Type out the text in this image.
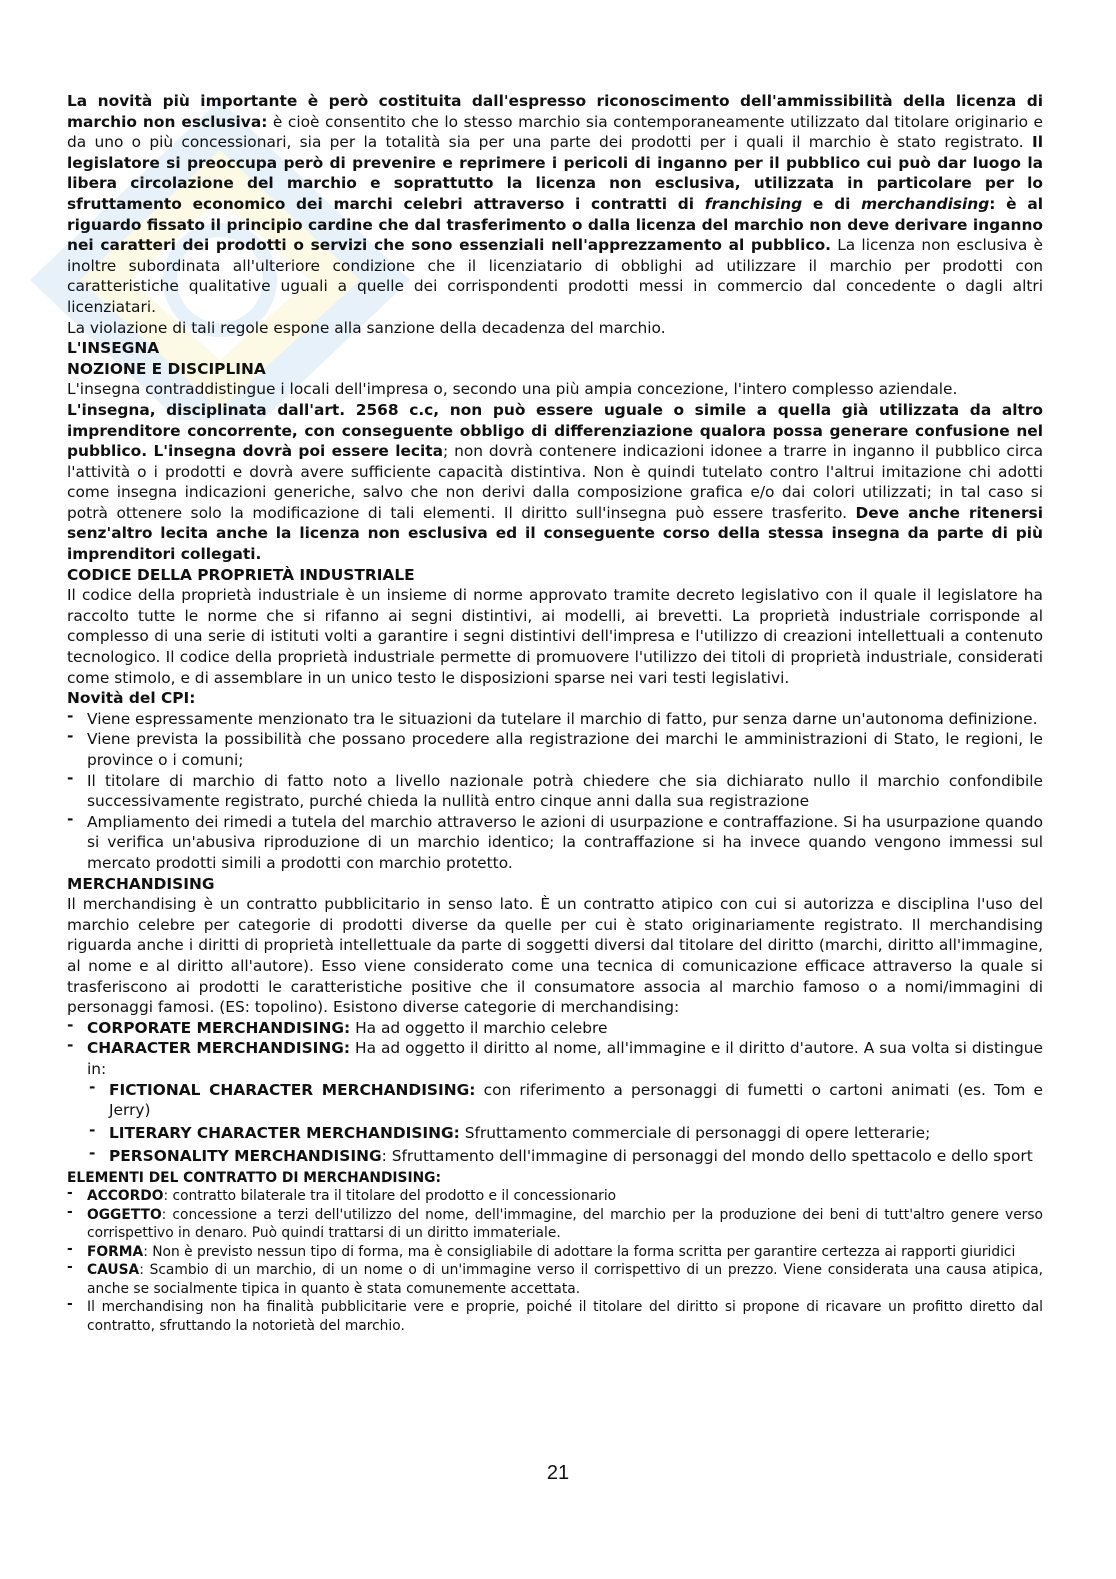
La novità più importante è però costituita dall'espresso riconoscimento dell'ammissibilità della licenza di marchio non esclusiva: è cioè consentito che lo stesso marchio sia contemporaneamente utilizzato dal titolare originario e da uno o più concessionari, sia per la totalità sia per una parte dei prodotti per i quali il marchio è stato registrato. Il legislatore si preoccupa però di prevenire e reprimere i pericoli di inganno per il pubblico cui può dar luogo la libera circolazione del marchio e soprattutto la licenza non esclusiva, utilizzata in particolare per lo sfruttamento economico dei marchi celebri attraverso i contratti di franchising e di merchandising: è al riguardo fissato il principio cardine che dal trasferimento o dalla licenza del marchio non deve derivare inganno nei caratteri dei prodotti o servizi che sono essenziali nell'apprezzamento al pubblico. La licenza non esclusiva è inoltre subordinata all'ulteriore condizione che il licenziatario di obblighi ad utilizzare il marchio per prodotti con caratteristiche qualitative uguali a quelle dei corrispondenti prodotti messi in commercio dal concedente o dagli altri licenziatari.

La violazione di tali regole espone alla sanzione della decadenza del marchio.

L'INSEGNA

NOZIONE E DISCIPLINA

L'insegna contraddistingue i locali dell'impresa o, secondo una più ampia concezione, l'intero complesso aziendale.

L'insegna, disciplinata dall'art. 2568 c.c, non può essere uguale o simile a quella già utilizzata da altro imprenditore concorrente, con conseguente obbligo di differenziazione qualora possa generare confusione nel pubblico. L'insegna dovrà poi essere lecita; non dovrà contenere indicazioni idonee a trarre in inganno il pubblico circa l'attività o i prodotti e dovrà avere sufficiente capacità distintiva. Non è quindi tutelato contro l'altrui imitazione chi adotti come insegna indicazioni generiche, salvo che non derivi dalla composizione grafica e/o dai colori utilizzati; in tal caso si potrà ottenere solo la modificazione di tali elementi. Il diritto sull'insegna può essere trasferito. Deve anche ritenersi senz'altro lecita anche la licenza non esclusiva ed il conseguente corso della stessa insegna da parte di più imprenditori collegati.

CODICE DELLA PROPRIETÀ INDUSTRIALE

Il codice della proprietà industriale è un insieme di norme approvato tramite decreto legislativo con il quale il legislatore ha raccolto tutte le norme che si rifanno ai segni distintivi, ai modelli, ai brevetti. La proprietà industriale corrisponde al complesso di una serie di istituti volti a garantire i segni distintivi dell'impresa e l'utilizzo di creazioni intellettuali a contenuto tecnologico. Il codice della proprietà industriale permette di promuovere l'utilizzo dei titoli di proprietà industriale, considerati come stimolo, e di assemblare in un unico testo le disposizioni sparse nei vari testi legislativi.

Novità del CPI:

- Viene espressamente menzionato tra le situazioni da tutelare il marchio di fatto, pur senza darne un'autonoma definizione.
- Viene prevista la possibilità che possano procedere alla registrazione dei marchi le amministrazioni di Stato, le regioni, le province o i comuni;
- Il titolare di marchio di fatto noto a livello nazionale potrà chiedere che sia dichiarato nullo il marchio confondibile successivamente registrato, purché chieda la nullità entro cinque anni dalla sua registrazione
- Ampliamento dei rimedi a tutela del marchio attraverso le azioni di usurpazione e contraffazione. Si ha usurpazione quando si verifica un'abusiva riproduzione di un marchio identico; la contraffazione si ha invece quando vengono immessi sul mercato prodotti simili a prodotti con marchio protetto.

MERCHANDISING

Il merchandising è un contratto pubblicitario in senso lato. È un contratto atipico con cui si autorizza e disciplina l'uso del marchio celebre per categorie di prodotti diverse da quelle per cui è stato originariamente registrato. Il merchandising riguarda anche i diritti di proprietà intellettuale da parte di soggetti diversi dal titolare del diritto (marchi, diritto all'immagine, al nome e al diritto all'autore). Esso viene considerato come una tecnica di comunicazione efficace attraverso la quale si trasferiscono ai prodotti le caratteristiche positive che il consumatore associa al marchio famoso o a nomi/immagini di personaggi famosi. (ES: topolino). Esistono diverse categorie di merchandising:

- CORPORATE MERCHANDISING: Ha ad oggetto il marchio celebre
- CHARACTER MERCHANDISING: Ha ad oggetto il diritto al nome, all'immagine e il diritto d'autore. A sua volta si distingue in:
- FICTIONAL CHARACTER MERCHANDISING: con riferimento a personaggi di fumetti o cartoni animati (es. Tom e Jerry)
- LITERARY CHARACTER MERCHANDISING: Sfruttamento commerciale di personaggi di opere letterarie;
- PERSONALITY MERCHANDISING: Sfruttamento dell'immagine di personaggi del mondo dello spettacolo e dello sport

ELEMENTI DEL CONTRATTO DI MERCHANDISING:

- ACCORDO: contratto bilaterale tra il titolare del prodotto e il concessionario
- OGGETTO: concessione a terzi dell'utilizzo del nome, dell'immagine, del marchio per la produzione dei beni di tutt'altro genere verso corrispettivo in denaro. Può quindi trattarsi di un diritto immateriale.
- FORMA: Non è previsto nessun tipo di forma, ma è consigliabile di adottare la forma scritta per garantire certezza ai rapporti giuridici
- CAUSA: Scambio di un marchio, di un nome o di un'immagine verso il corrispettivo di un prezzo. Viene considerata una causa atipica, anche se socialmente tipica in quanto è stata comunemente accettata.
- Il merchandising non ha finalità pubblicitarie vere e proprie, poiché il titolare del diritto si propone di ricavare un profitto diretto dal contratto, sfruttando la notorietà del marchio.
21
